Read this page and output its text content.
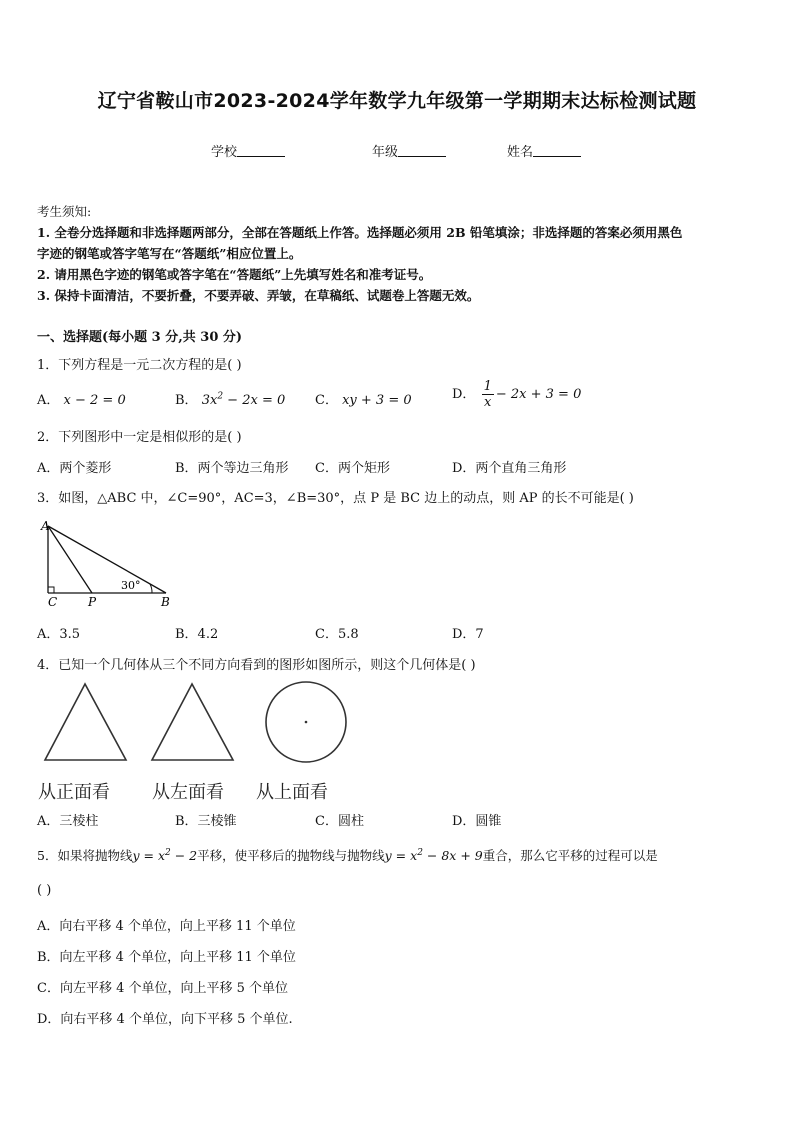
辽宁省鞍山市2023-2024学年数学九年级第一学期期末达标检测试题
学校	年级	姓名
考生须知:
1. 全卷分选择题和非选择题两部分，全部在答题纸上作答。选择题必须用 2B 铅笔填涂；非选择题的答案必须用黑色
字迹的钢笔或答字笔写在“答题纸”相应位置上。
2. 请用黑色字迹的钢笔或答字笔在“答题纸”上先填写姓名和准考证号。
3. 保持卡面清洁，不要折叠，不要弄破、弄皱，在草稿纸、试题卷上答题无效。
一、选择题(每小题 3 分,共 30 分)
1．下列方程是一元二次方程的是( )
A． x − 2 = 0	B． $3x^2 - 2x = 0$ C． xy + 3 = 0	D． $\frac{1}{x} - 2x + 3 = 0$
2．下列图形中一定是相似形的是( )
A．两个菱形	B．两个等边三角形 C．两个矩形	D．两个直角三角形
3．如图，△ABC 中，∠C=90°，AC=3，∠B=30°，点 P 是 BC 边上的动点，则 AP 的长不可能是( )
A
C	P	B
30°
A．3.5	B．4.2	C．5.8	D．7
4．已知一个几何体从三个不同方向看到的图形如图所示，则这个几何体是( )
从正面看 从左面看 从上面看
A．三棱柱	B．三棱锥	C．圆柱	D．圆锥
5．如果将抛物线$y = x^2 - 2$平移，使平移后的抛物线与抛物线$y = x^2 - 8x + 9$重合，那么它平移的过程可以是
( )
A．向右平移 4 个单位，向上平移 11 个单位
B．向左平移 4 个单位，向上平移 11 个单位
C．向左平移 4 个单位，向上平移 5 个单位
D．向右平移 4 个单位，向下平移 5 个单位.
